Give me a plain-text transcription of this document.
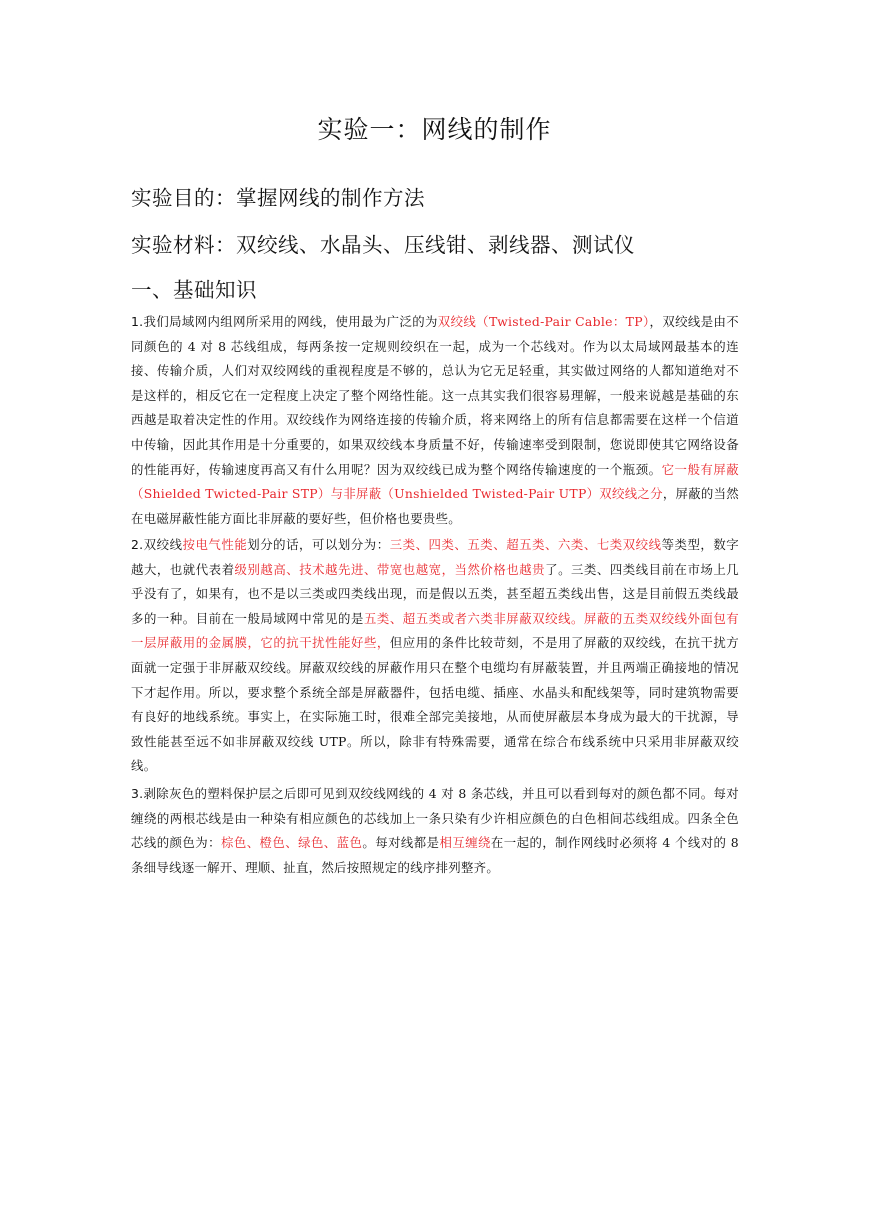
实验一：网线的制作
实验目的：掌握网线的制作方法
实验材料：双绞线、水晶头、压线钳、剥线器、测试仪
一、基础知识
1.我们局域网内组网所采用的网线，使用最为广泛的为双绞线（Twisted-Pair Cable：TP），双绞线是由不同颜色的 4 对 8 芯线组成，每两条按一定规则绞织在一起，成为一个芯线对。作为以太局域网最基本的连接、传输介质，人们对双绞网线的重视程度是不够的，总认为它无足轻重，其实做过网络的人都知道绝对不是这样的，相反它在一定程度上决定了整个网络性能。这一点其实我们很容易理解，一般来说越是基础的东西越是取着决定性的作用。双绞线作为网络连接的传输介质，将来网络上的所有信息都需要在这样一个信道中传输，因此其作用是十分重要的，如果双绞线本身质量不好，传输速率受到限制，您说即使其它网络设备的性能再好，传输速度再高又有什么用呢？因为双绞线已成为整个网络传输速度的一个瓶颈。它一般有屏蔽（Shielded Twicted-Pair STP）与非屏蔽（Unshielded Twisted-Pair UTP）双绞线之分，屏蔽的当然在电磁屏蔽性能方面比非屏蔽的要好些，但价格也要贵些。
2.双绞线按电气性能划分的话，可以划分为：三类、四类、五类、超五类、六类、七类双绞线等类型，数字越大，也就代表着级别越高、技术越先进、带宽也越宽，当然价格也越贵了。三类、四类线目前在市场上几乎没有了，如果有，也不是以三类或四类线出现，而是假以五类，甚至超五类线出售，这是目前假五类线最多的一种。目前在一般局域网中常见的是五类、超五类或者六类非屏蔽双绞线。屏蔽的五类双绞线外面包有一层屏蔽用的金属膜，它的抗干扰性能好些，但应用的条件比较苛刻，不是用了屏蔽的双绞线，在抗干扰方面就一定强于非屏蔽双绞线。屏蔽双绞线的屏蔽作用只在整个电缆均有屏蔽装置，并且两端正确接地的情况下才起作用。所以，要求整个系统全部是屏蔽器件，包括电缆、插座、水晶头和配线架等，同时建筑物需要有良好的地线系统。事实上，在实际施工时，很难全部完美接地，从而使屏蔽层本身成为最大的干扰源，导致性能甚至远不如非屏蔽双绞线 UTP。所以，除非有特殊需要，通常在综合布线系统中只采用非屏蔽双绞线。
3.剥除灰色的塑料保护层之后即可见到双绞线网线的 4 对 8 条芯线，并且可以看到每对的颜色都不同。每对缠绕的两根芯线是由一种染有相应颜色的芯线加上一条只染有少许相应颜色的白色相间芯线组成。四条全色芯线的颜色为：棕色、橙色、绿色、蓝色。每对线都是相互缠绕在一起的，制作网线时必须将 4 个线对的 8 条细导线逐一解开、理顺、扯直，然后按照规定的线序排列整齐。
